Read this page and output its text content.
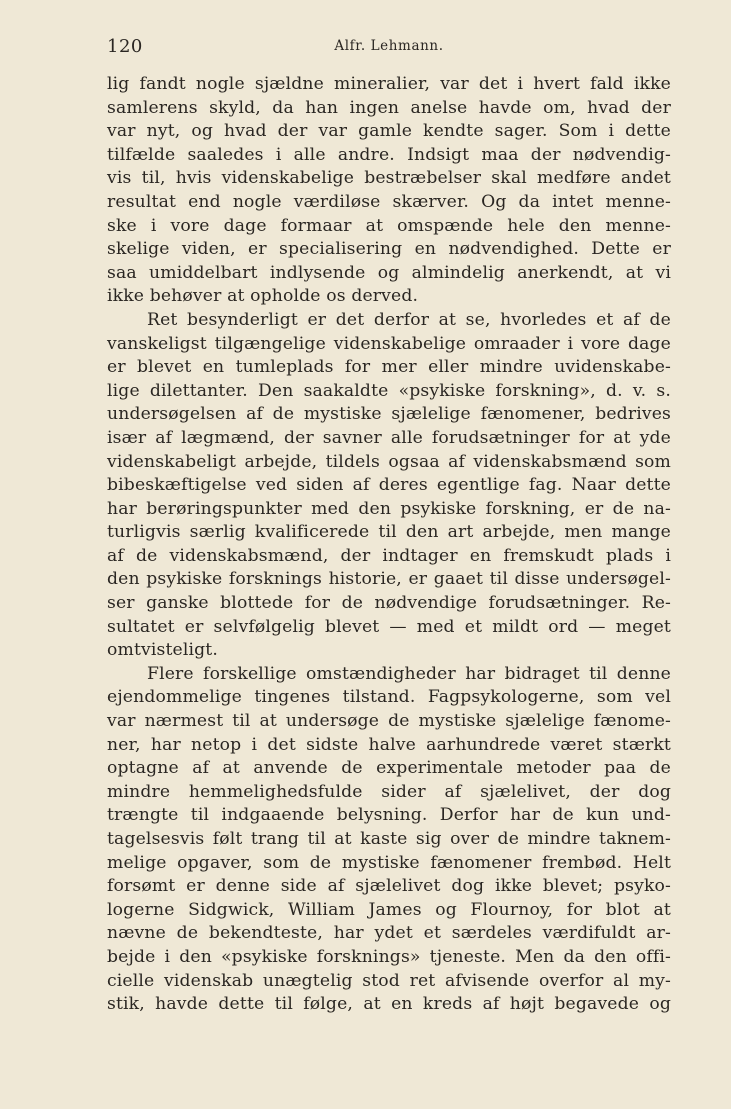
120	Alfr. Lehmann.
lig fandt nogle sjældne mineralier, var det i hvert fald ikke
samlerens skyld, da han ingen anelse havde om, hvad der
var nyt, og hvad der var gamle kendte sager. Som i dette
tilfælde saaledes i alle andre. Indsigt maa der nødvendig-
vis til, hvis videnskabelige bestræbelser skal medføre andet
resultat end nogle værdiløse skærver. Og da intet menne-
ske i vore dage formaar at omspænde hele den menne-
skelige viden, er specialisering en nødvendighed. Dette er
saa umiddelbart indlysende og almindelig anerkendt, at vi
ikke behøver at opholde os derved.
Ret besynderligt er det derfor at se, hvorledes et af de
vanskeligst tilgængelige videnskabelige omraader i vore dage
er blevet en tumleplads for mer eller mindre uvidenskabe-
lige dilettanter. Den saakaldte «psykiske forskning», d. v. s.
undersøgelsen af de mystiske sjælelige fænomener, bedrives
især af lægmænd, der savner alle forudsætninger for at yde
videnskabeligt arbejde, tildels ogsaa af videnskabsmænd som
bibeskæftigelse ved siden af deres egentlige fag. Naar dette
har berøringspunkter med den psykiske forskning, er de na-
turligvis særlig kvalificerede til den art arbejde, men mange
af de videnskabsmænd, der indtager en fremskudt plads i
den psykiske forsknings historie, er gaaet til disse undersøgel-
ser ganske blottede for de nødvendige forudsætninger. Re-
sultatet er selvfølgelig blevet — med et mildt ord — meget
omtvisteligt.
Flere forskellige omstændigheder har bidraget til denne
ejendommelige tingenes tilstand. Fagpsykologerne, som vel
var nærmest til at undersøge de mystiske sjælelige fænome-
ner, har netop i det sidste halve aarhundrede været stærkt
optagne af at anvende de experimentale metoder paa de
mindre hemmelighedsfulde sider af sjælelivet, der dog
trængte til indgaaende belysning. Derfor har de kun und-
tagelsesvis følt trang til at kaste sig over de mindre taknem-
melige opgaver, som de mystiske fænomener frembød. Helt
forsømt er denne side af sjælelivet dog ikke blevet; psyko-
logerne Sidgwick, William James og Flournoy, for blot at
nævne de bekendteste, har ydet et særdeles værdifuldt ar-
bejde i den «psykiske forsknings» tjeneste. Men da den offi-
cielle videnskab unægtelig stod ret afvisende overfor al my-
stik, havde dette til følge, at en kreds af højt begavede og
